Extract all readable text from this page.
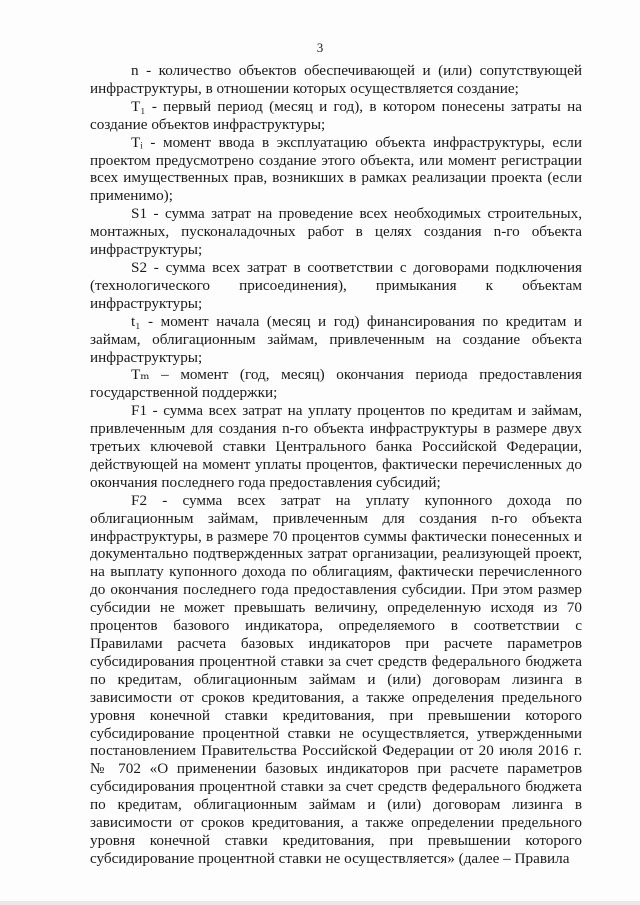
3

n - количество объектов обеспечивающей и (или) сопутствующей инфраструктуры, в отношении которых осуществляется создание;

T₁ - первый период (месяц и год), в котором понесены затраты на создание объектов инфраструктуры;

Tᵢ - момент ввода в эксплуатацию объекта инфраструктуры, если проектом предусмотрено создание этого объекта, или момент регистрации всех имущественных прав, возникших в рамках реализации проекта (если применимо);

S1 - сумма затрат на проведение всех необходимых строительных, монтажных, пусконаладочных работ в целях создания n-го объекта инфраструктуры;

S2 - сумма всех затрат в соответствии с договорами подключения (технологического присоединения), примыкания к объектам инфраструктуры;

t₁ - момент начала (месяц и год) финансирования по кредитам и займам, облигационным займам, привлеченным на создание объекта инфраструктуры;

Tₘ – момент (год, месяц) окончания периода предоставления государственной поддержки;

F1 - сумма всех затрат на уплату процентов по кредитам и займам, привлеченным для создания n-го объекта инфраструктуры в размере двух третьих ключевой ставки Центрального банка Российской Федерации, действующей на момент уплаты процентов, фактически перечисленных до окончания последнего года предоставления субсидий;

F2 - сумма всех затрат на уплату купонного дохода по облигационным займам, привлеченным для создания n-го объекта инфраструктуры, в размере 70 процентов суммы фактически понесенных и документально подтвержденных затрат организации, реализующей проект, на выплату купонного дохода по облигациям, фактически перечисленного до окончания последнего года предоставления субсидии. При этом размер субсидии не может превышать величину, определенную исходя из 70 процентов базового индикатора, определяемого в соответствии с Правилами расчета базовых индикаторов при расчете параметров субсидирования процентной ставки за счет средств федерального бюджета по кредитам, облигационным займам и (или) договорам лизинга в зависимости от сроков кредитования, а также определения предельного уровня конечной ставки кредитования, при превышении которого субсидирование процентной ставки не осуществляется, утвержденными постановлением Правительства Российской Федерации от 20 июля 2016 г. № 702 «О применении базовых индикаторов при расчете параметров субсидирования процентной ставки за счет средств федерального бюджета по кредитам, облигационным займам и (или) договорам лизинга в зависимости от сроков кредитования, а также определении предельного уровня конечной ставки кредитования, при превышении которого субсидирование процентной ставки не осуществляется» (далее – Правила
